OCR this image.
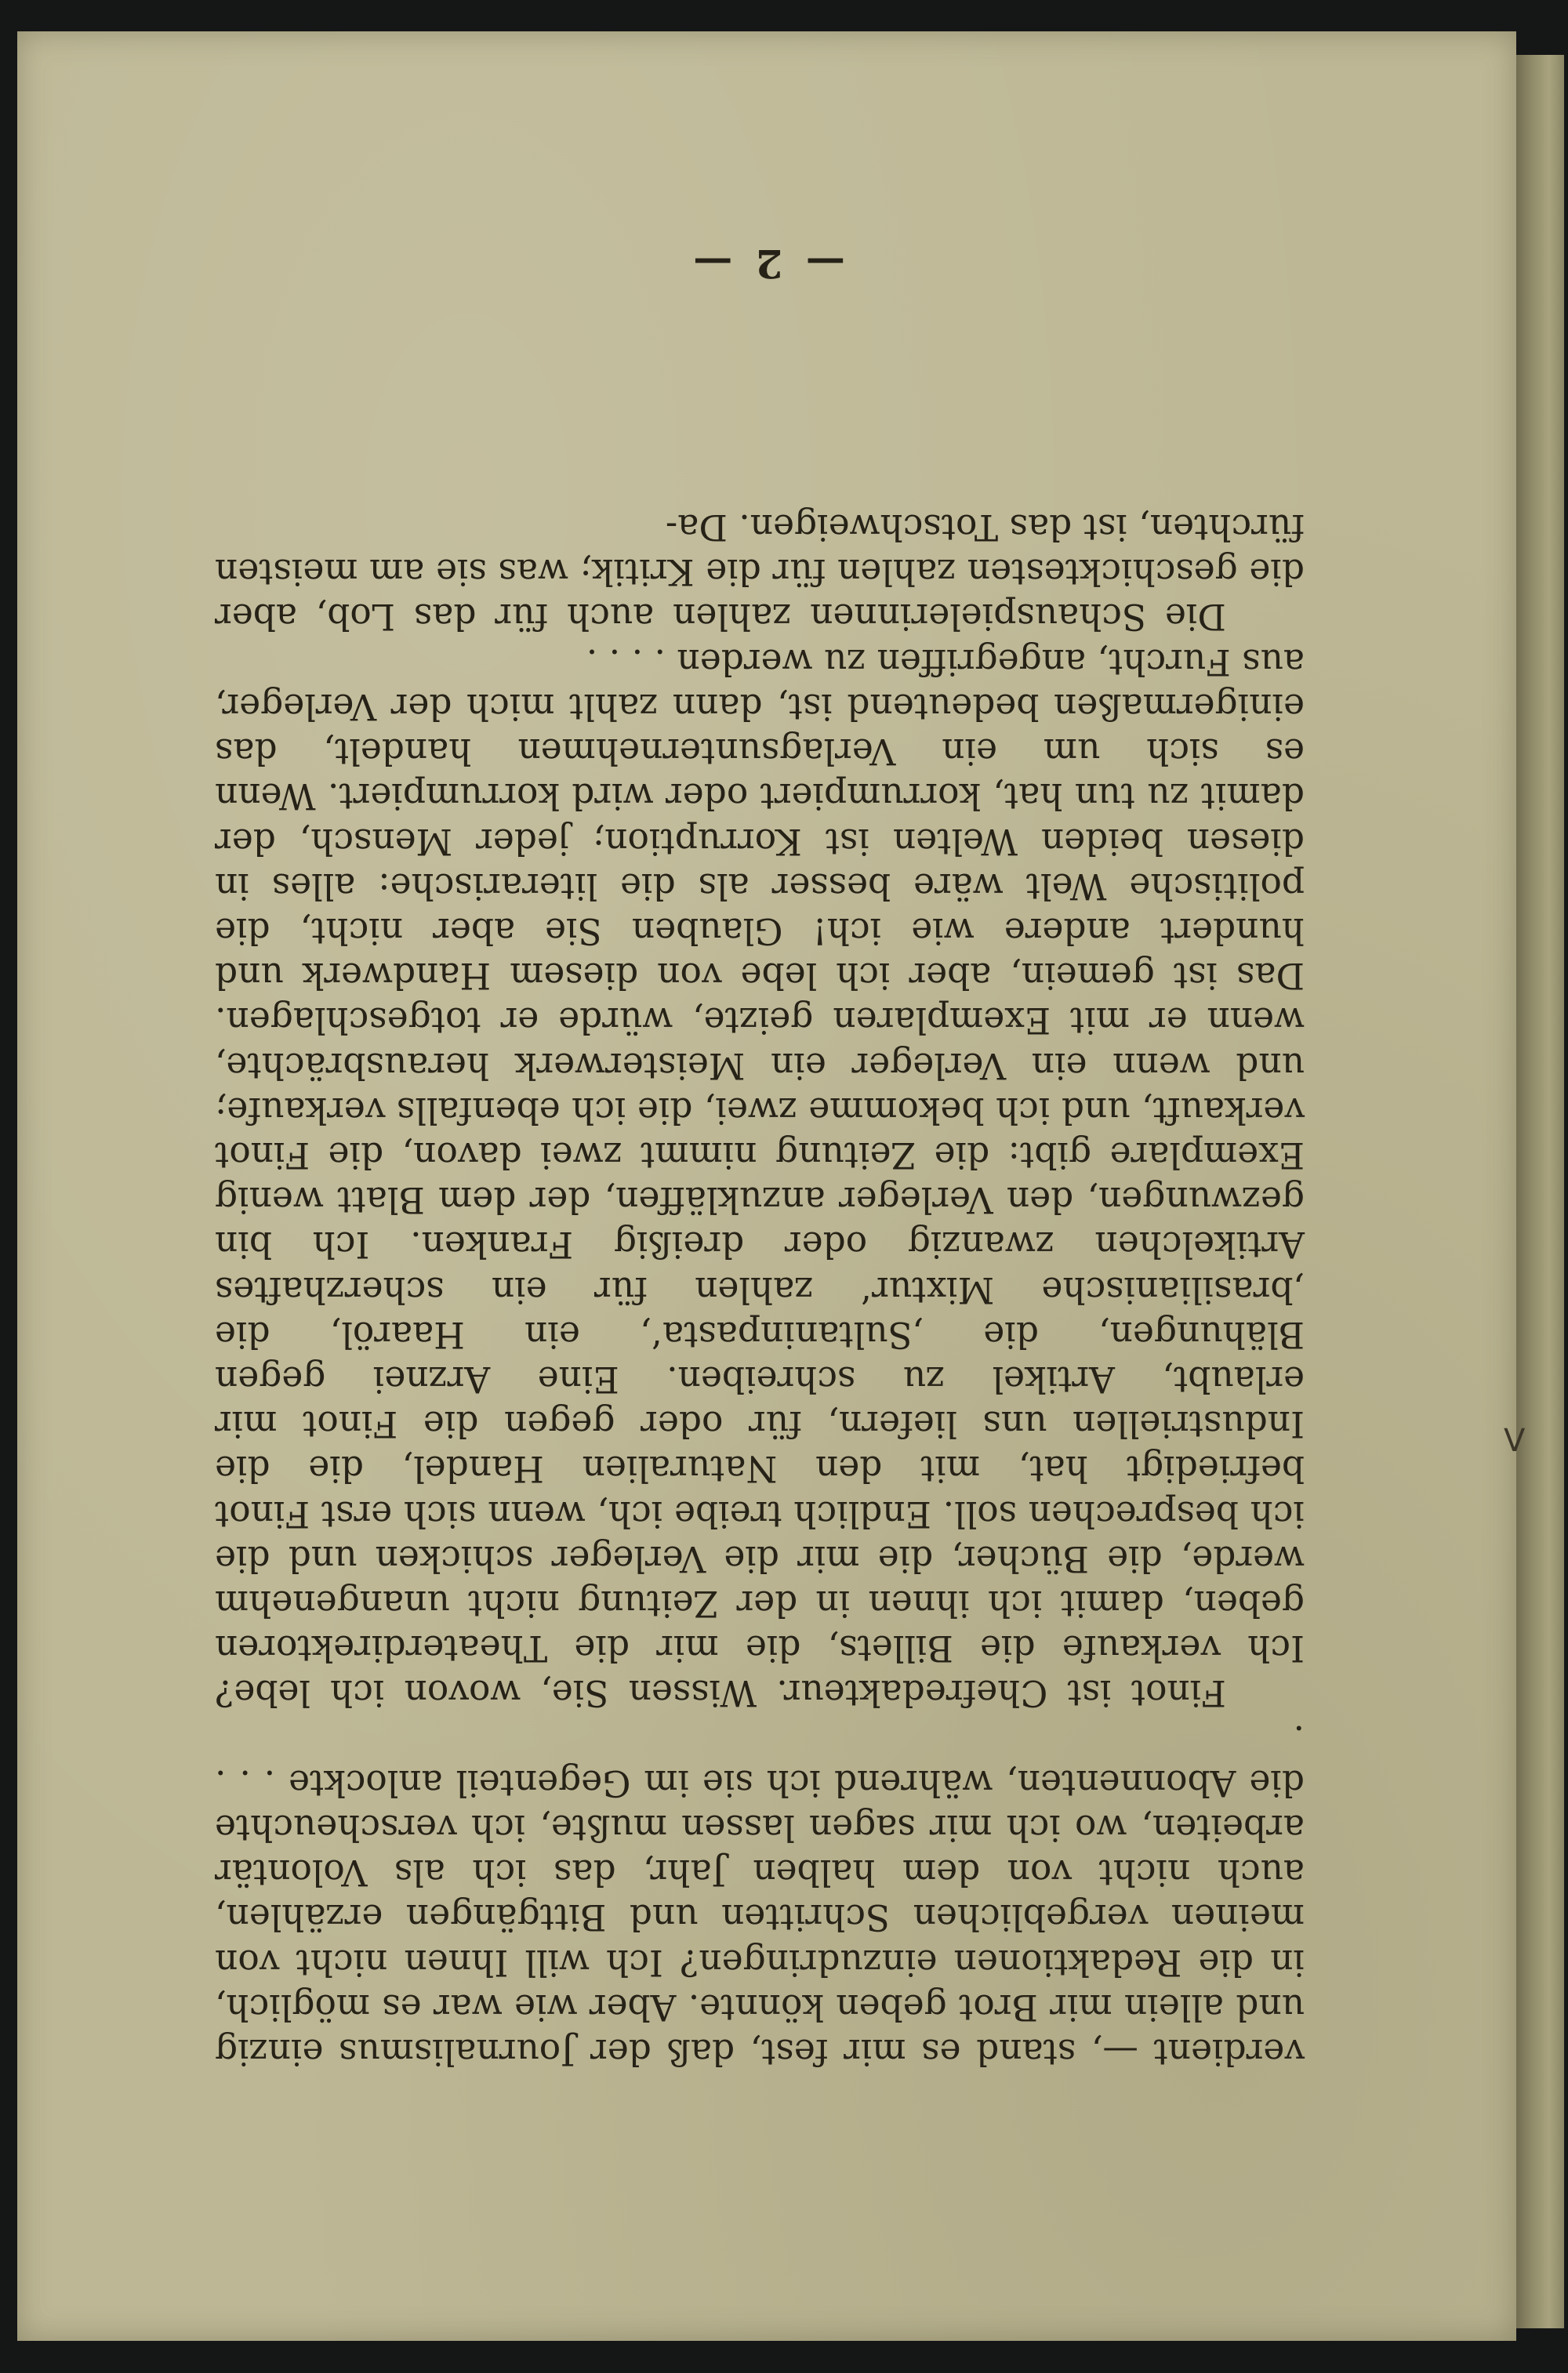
verdient —, stand es mir fest, daß der Journalismus einzig und allein mir Brot geben könnte. Aber wie war es möglich, in die Redaktionen einzudringen? Ich will Ihnen nicht von meinen vergeblichen Schritten und Bittgängen erzählen, auch nicht von dem halben Jahr, das ich als Volontär arbeiten, wo ich mir sagen lassen mußte, ich verscheuchte die Abonnenten, während ich sie im Gegenteil anlockte . . . .

Finot ist Chefredakteur. Wissen Sie, wovon ich lebe? Ich verkaufe die Billets, die mir die Theaterdirektoren geben, damit ich ihnen in der Zeitung nicht unangenehm werde, die Bücher, die mir die Verleger schicken und die ich besprechen soll. Endlich treibe ich, wenn sich erst Finot befriedigt hat, mit den Naturalien Handel, die die Industriellen uns liefern, für oder gegen die Finot mir erlaubt, Artikel zu schreiben. Eine Arznei gegen Blähungen, die ‚Sultaninpasta‘, ein Haaröl, die ‚brasilianische Mixtur‘ zahlen für ein scherzhaftes Artikelchen zwanzig oder dreißig Franken. Ich bin gezwungen, den Verleger anzukläffen, der dem Blatt wenig Exemplare gibt: die Zeitung nimmt zwei davon, die Finot verkauft, und ich bekomme zwei, die ich ebenfalls verkaufe; und wenn ein Verleger ein Meisterwerk herausbrächte, wenn er mit Exemplaren geizte, würde er totgeschlagen. Das ist gemein, aber ich lebe von diesem Handwerk und hundert andere wie ich! Glauben Sie aber nicht, die politische Welt wäre besser als die literarische: alles in diesen beiden Welten ist Korruption; jeder Mensch, der damit zu tun hat, korrumpiert oder wird korrumpiert. Wenn es sich um ein Verlagsunternehmen handelt, das einigermaßen bedeutend ist, dann zahlt mich der Verleger, aus Furcht, angegriffen zu werden . . . .

Die Schauspielerinnen zahlen auch für das Lob, aber die geschicktesten zahlen für die Kritik; was sie am meisten fürchten, ist das Totschweigen. Da-

— 2 —
V
